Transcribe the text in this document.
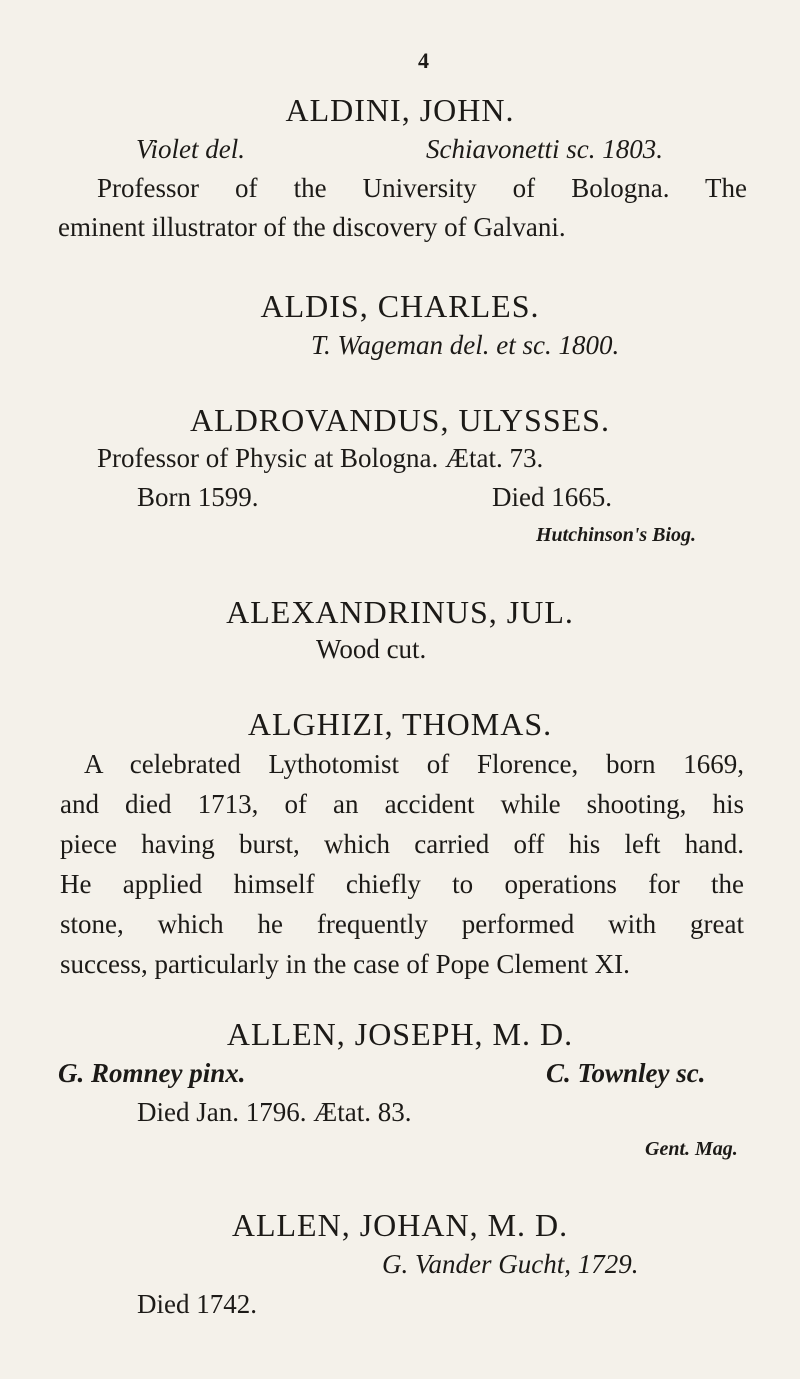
4
ALDINI, JOHN.
Violet del.	Schiavonetti sc. 1803.
Professor of the University of Bologna. The
eminent illustrator of the discovery of Galvani.
ALDIS, CHARLES.
T. Wageman del. et sc. 1800.
ALDROVANDUS, ULYSSES.
Professor of Physic at Bologna. Ætat. 73.
Born 1599.	Died 1665.
Hutchinson's Biog.
ALEXANDRINUS, JUL.
Wood cut.
ALGHIZI, THOMAS.
A celebrated Lythotomist of Florence, born 1669,
and died 1713, of an accident while shooting, his
piece having burst, which carried off his left hand.
He applied himself chiefly to operations for the
stone, which he frequently performed with great
success, particularly in the case of Pope Clement XI.
ALLEN, JOSEPH, M. D.
G. Romney pinx.	C. Townley sc.
Died Jan. 1796. Ætat. 83.
Gent. Mag.
ALLEN, JOHAN, M. D.
G. Vander Gucht, 1729.
Died 1742.
